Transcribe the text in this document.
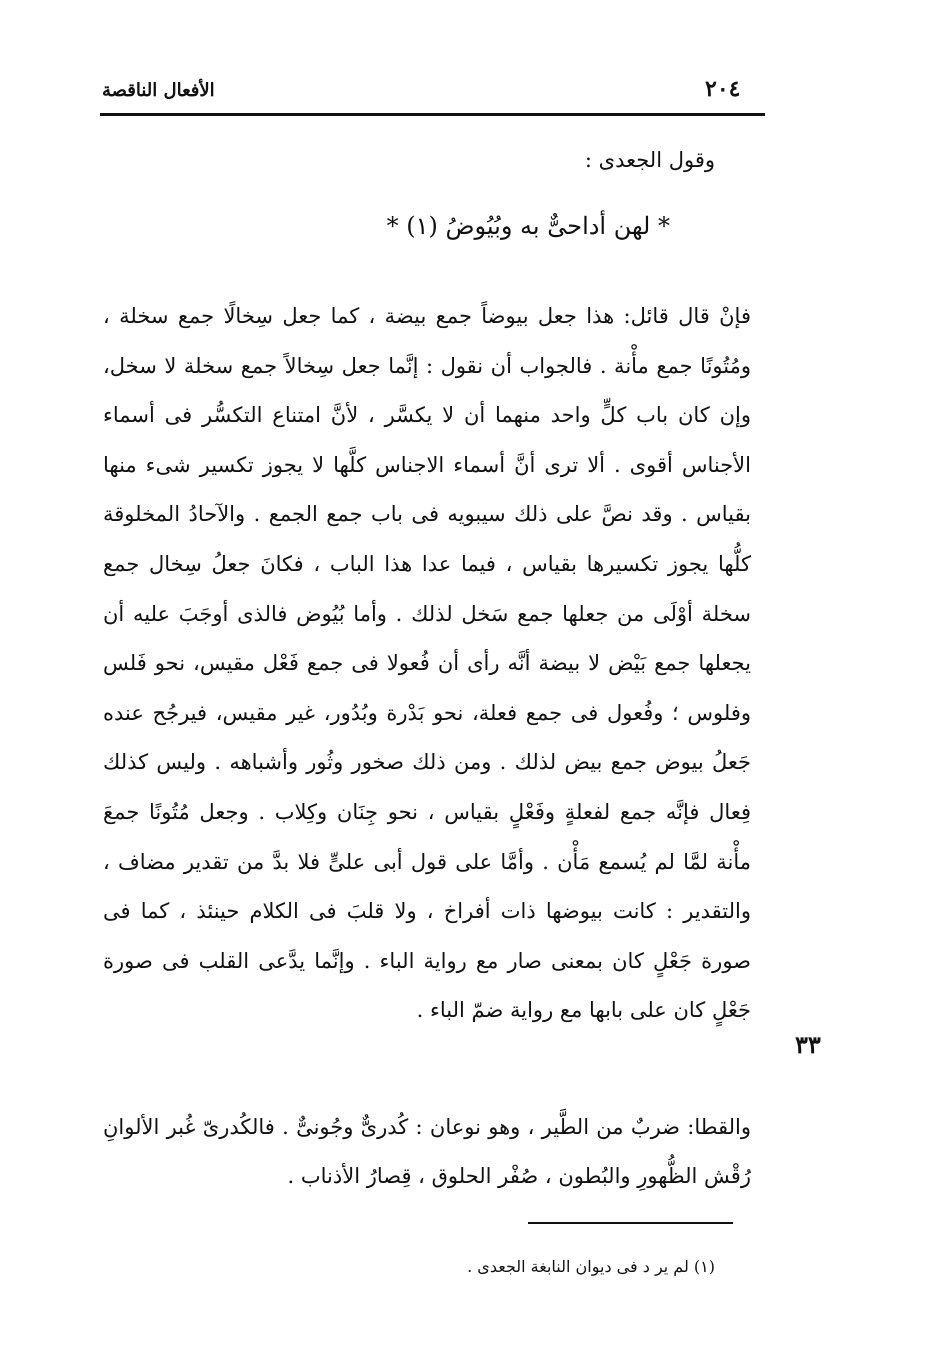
٢٠٤
الأفعال الناقصة
وقول الجعدى :
* لهن أداحىٌّ به وبُيُوضُ (١) *
فإنْ قال قائل: هذا جعل بيوضاً جمع بيضة ، كما جعل سِخالًا جمع سخلة ، ومُتُونًا جمع مأْنة . فالجواب أن نقول : إنَّما جعل سِخالاً جمع سخلة لا سخل، وإن كان باب كلٍّ واحد منهما أن لا يكسَّر ، لأنَّ امتناع التكسُّر فى أسماء الأجناس أقوى . ألا ترى أنَّ أسماء الاجناس كلَّها لا يجوز تكسير شىء منها بقياس . وقد نصَّ على ذلك سيبويه فى باب جمع الجمع . والآحادُ المخلوقة كلُّها يجوز تكسيرها بقياس ، فيما عدا هذا الباب ، فكانَ جعلُ سِخال جمع سخلة أوْلَى من جعلها جمع سَخل لذلك . وأما بُيُوض فالذى أوجَبَ عليه أن يجعلها جمع بَيْض لا بيضة أنَّه رأى أن فُعولا فى جمع فَعْل مقيس، نحو فَلس وفلوس ؛ وفُعول فى جمع فعلة، نحو بَدْرة وبُدُور، غير مقيس، فيرجُح عنده جَعلُ بيوض جمع بيض لذلك . ومن ذلك صخور وثُور وأشباهه . وليس كذلك فِعال فإنَّه جمع لفعلةٍ وفَعْلٍ بقياس ، نحو جِنَان وكِلاب . وجعل مُتُونًا جمعَ مأْنة لمَّا لم يُسمع مَأْن . وأمَّا على قول أبى علىٍّ فلا بدَّ من تقدير مضاف ، والتقدير : كانت بيوضها ذات أفراخ ، ولا قلبَ فى الكلام حينئذ ، كما فى صورة جَعْلٍ كان بمعنى صار مع رواية الباء . وإنَّما يدَّعى القلب فى صورة جَعْلٍ كان على بابها مع رواية ضمّ الباء .
٣٣
والقطا: ضربٌ من الطَّير ، وهو نوعان : كُدرىٌّ وجُونىٌّ . فالكُدرىّ غُبر الألوانِ رُقْش الظُّهورِ والبُطون ، صُفْر الحلوق ، قِصارُ الأذناب .
(١) لم ير د فى ديوان النابغة الجعدى .
